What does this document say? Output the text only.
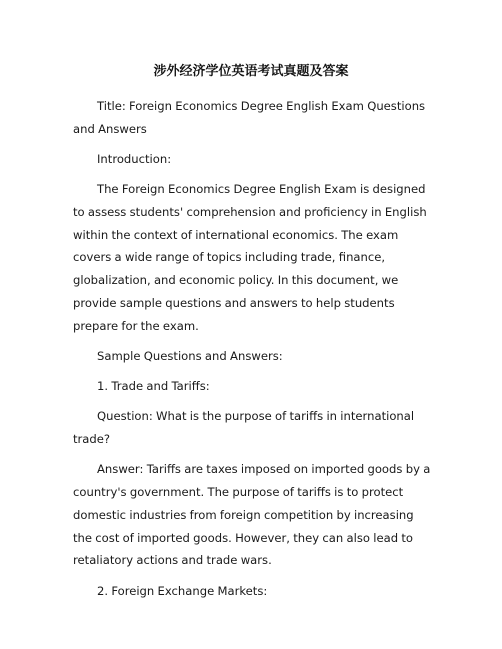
涉外经济学位英语考试真题及答案

Title: Foreign Economics Degree English Exam Questions and Answers

Introduction:

The Foreign Economics Degree English Exam is designed to assess students' comprehension and proficiency in English within the context of international economics. The exam covers a wide range of topics including trade, finance, globalization, and economic policy. In this document, we provide sample questions and answers to help students prepare for the exam.

Sample Questions and Answers:

1. Trade and Tariffs:

Question: What is the purpose of tariffs in international trade?

Answer: Tariffs are taxes imposed on imported goods by a country's government. The purpose of tariffs is to protect domestic industries from foreign competition by increasing the cost of imported goods. However, they can also lead to retaliatory actions and trade wars.

2. Foreign Exchange Markets:
